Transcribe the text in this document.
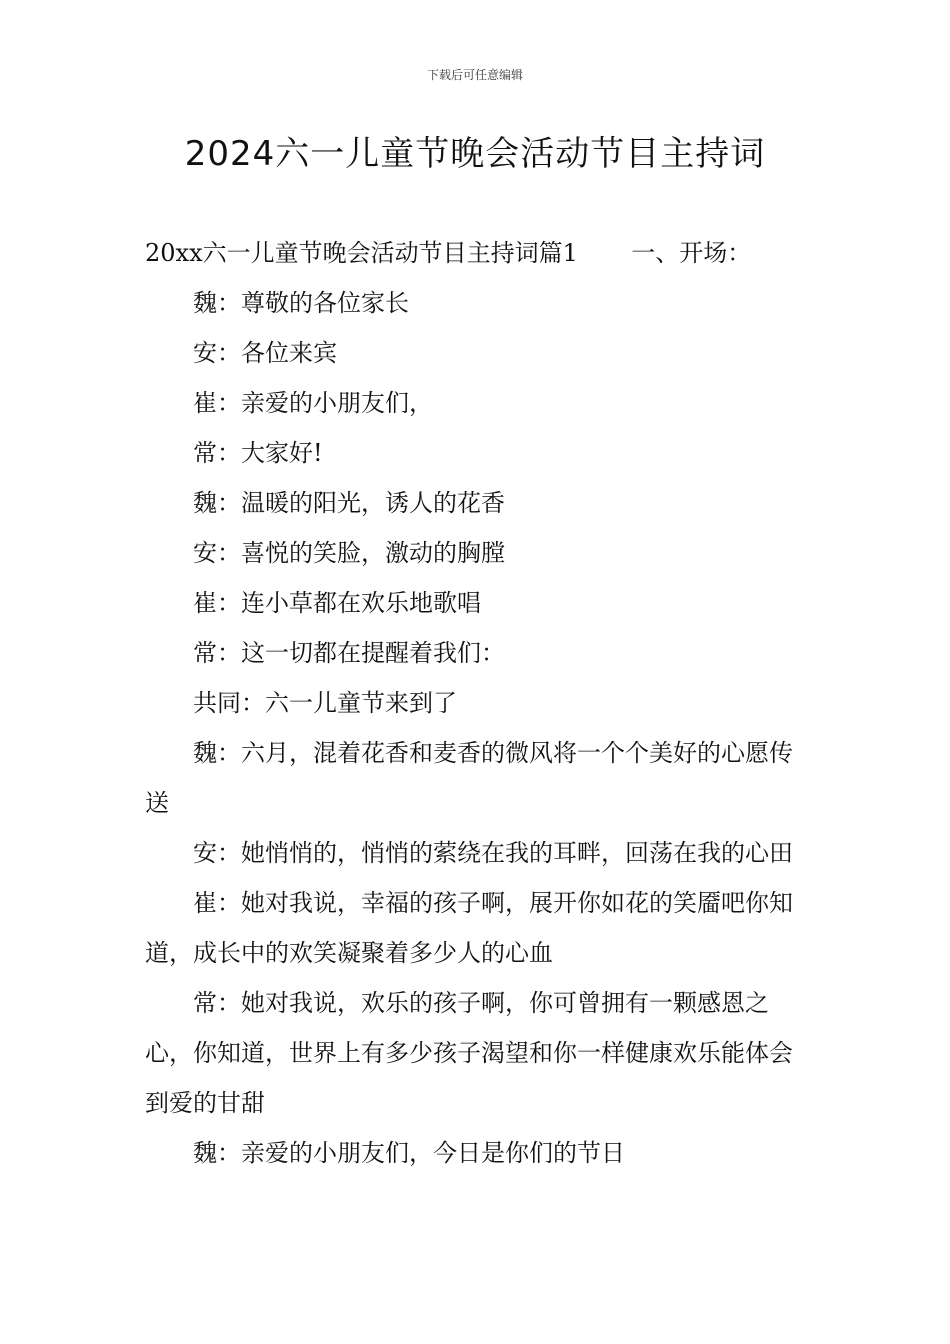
下载后可任意编辑
2024六一儿童节晚会活动节目主持词

20xx六一儿童节晚会活动节目主持词篇1       一、开场：

魏：尊敬的各位家长

安：各位来宾

崔：亲爱的小朋友们，

常：大家好!

魏：温暖的阳光，诱人的花香

安：喜悦的笑脸，激动的胸膛

崔：连小草都在欢乐地歌唱

常：这一切都在提醒着我们：

共同：六一儿童节来到了

魏：六月，混着花香和麦香的微风将一个个美好的心愿传送

安：她悄悄的，悄悄的萦绕在我的耳畔，回荡在我的心田

崔：她对我说，幸福的孩子啊，展开你如花的笑靥吧你知道，成长中的欢笑凝聚着多少人的心血

常：她对我说，欢乐的孩子啊，你可曾拥有一颗感恩之心，你知道，世界上有多少孩子渴望和你一样健康欢乐能体会到爱的甘甜

魏：亲爱的小朋友们，今日是你们的节日
